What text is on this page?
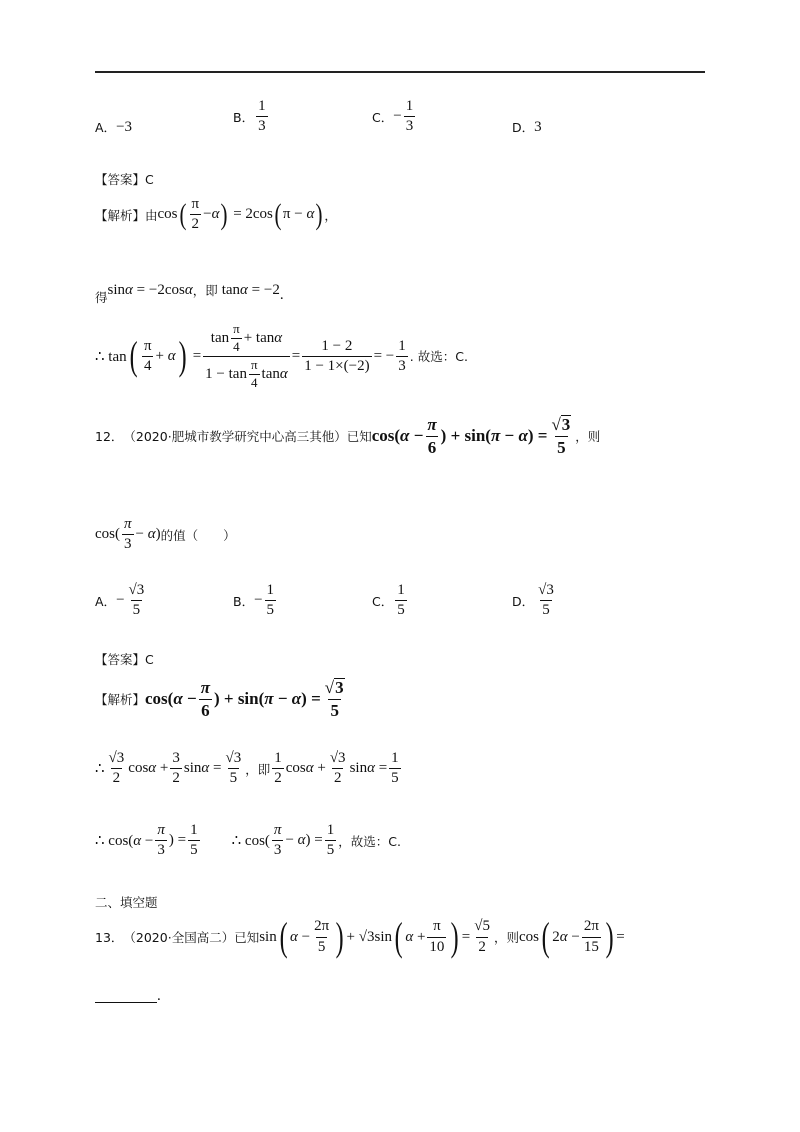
A． −3
B． $\frac{1}{3}$	C． − $\frac{1}{3}$	D． 3
【答案】C
【解析】由 cos ( $\frac{\pi}{2} -\alpha$ ) = 2cos ( π − α ) ，
得 sinα = −2cosα ，即 tanα = −2 .
∴ tan ( $\frac{\pi}{4} + \alpha$ ) = $\frac{\tan \frac{\pi}{4} + \tan \alpha}{1 - \tan \frac{\pi}{4} \tan \alpha} = \frac{1 - 2}{1 - 1\times(-2)}$ = − $\frac{1}{3}$ . 故选：C.
12． （2020·肥城市教学研究中心高三其他）已知 $\cos(\alpha - \frac{\pi}{6}$ ) + $\sin(\pi - \alpha) = \frac{√ 3}{5}$ ，则
$\cos( \frac{\pi}{3} - \alpha)$ 的值（　　）
A． − $\frac{√3}{5}$	B． − $\frac{1}{5}$	C． $\frac{1}{5}$	D． $\frac{√3}{5}$
【答案】C
【解析】 $\cos(\alpha - \frac{\pi}{6}$ ) + $\sin(\pi - \alpha) = \frac{√ 3}{5}$
∴ $\frac{√3}{2}$ $\cos\alpha + \frac{3}{2}$ $\sin\alpha = \frac{√3}{5}$ ，即 $\frac{1}{2}$ $\cos\alpha + \frac{√3}{2}$ $\sin\alpha = \frac{1}{5}$
∴ $\cos(\alpha - \frac{\pi}{3}$ ) = $\frac{1}{5}$ ∴ $\cos( \frac{\pi}{3} - \alpha) = \frac{1}{5}$ ，故选：C.
二、填空题
13． （2020·全国高二）已知 sin ( $\alpha - \frac{2\pi}{5}$ ) + √3sin ( $\alpha + \frac{\pi}{10}$ ) = $\frac{√5}{2}$ ，则 cos ( $2\alpha - \frac{2\pi}{15}$ ) =
.
